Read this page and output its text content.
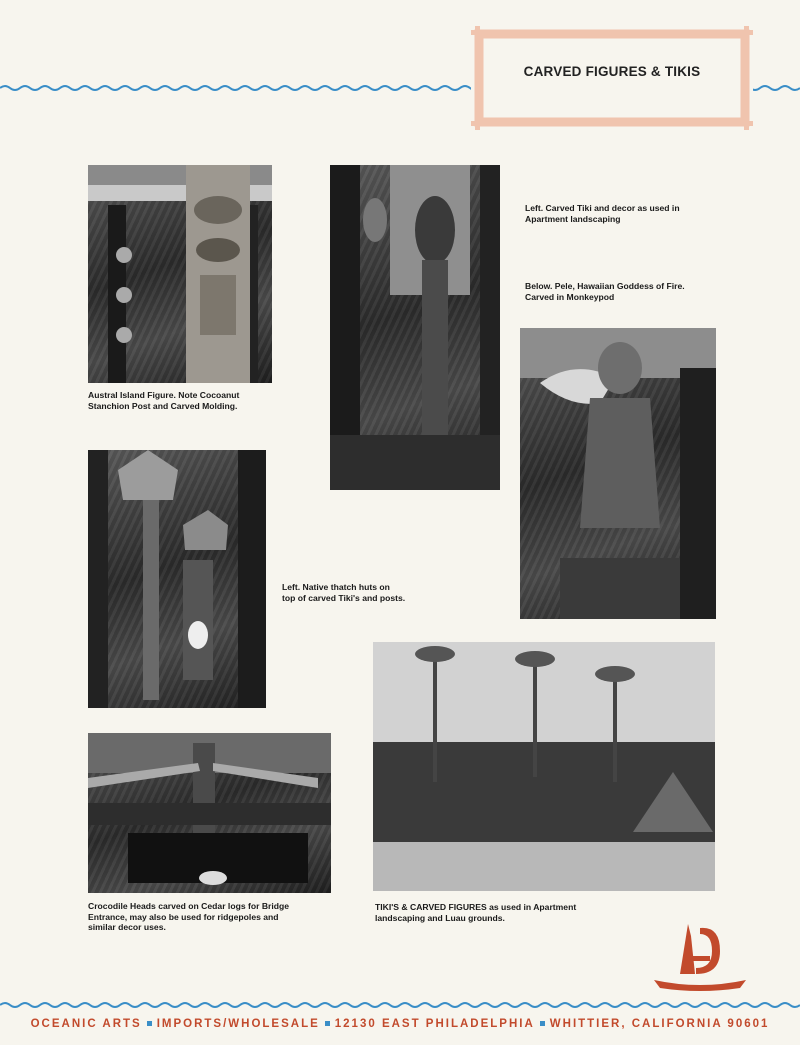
CARVED FIGURES & TIKIS

Austral Island Figure. Note Cocoanut
Stanchion Post and Carved Molding.

Left. Carved Tiki and decor as used in
Apartment landscaping

Below. Pele, Hawaiian Goddess of Fire.
Carved in Monkeypod

Left. Native thatch huts on
top of carved Tiki's and posts.

TIKI'S & CARVED FIGURES as used in Apartment
landscaping and Luau grounds.

Crocodile Heads carved on Cedar logs for Bridge
Entrance, may also be used for ridgepoles and
similar decor uses.

OCEANIC ARTS IMPORTS/WHOLESALE 12130 EAST PHILADELPHIA WHITTIER, CALIFORNIA 90601
